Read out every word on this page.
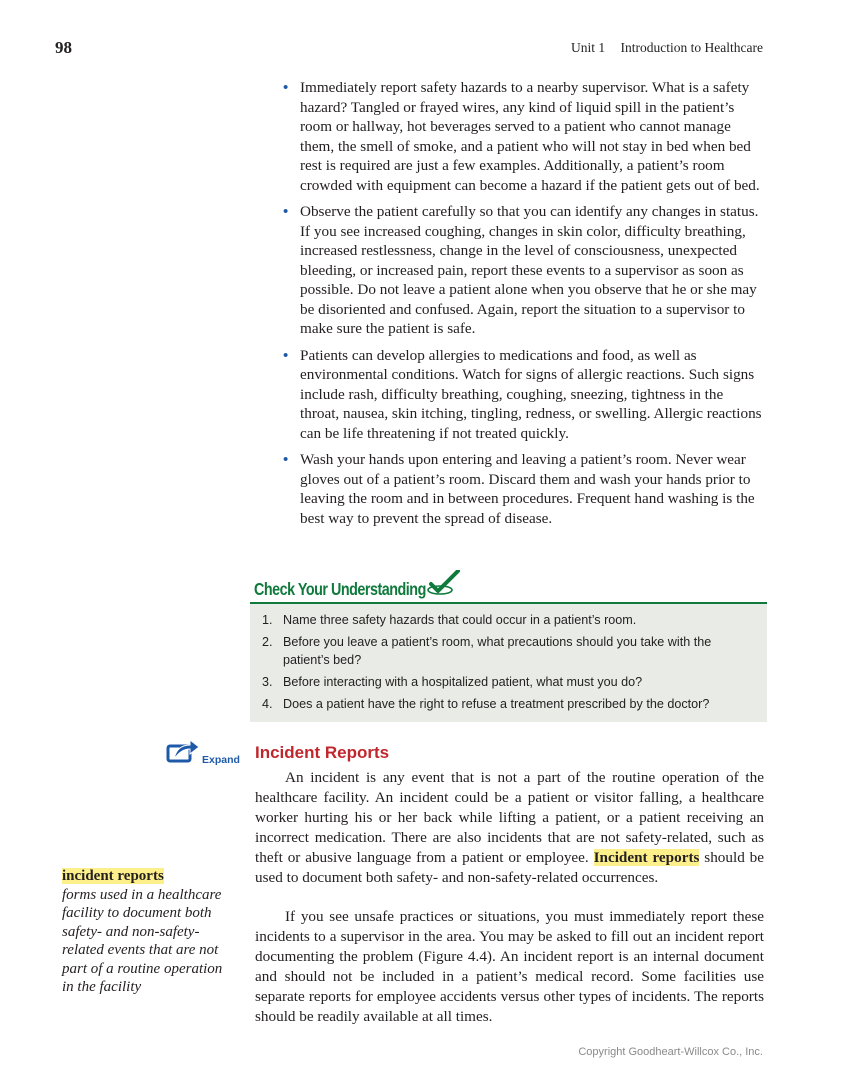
98	Unit 1 Introduction to Healthcare
• Immediately report safety hazards to a nearby supervisor. What is a safety hazard? Tangled or frayed wires, any kind of liquid spill in the patient’s room or hallway, hot beverages served to a patient who cannot manage them, the smell of smoke, and a patient who will not stay in bed when bed rest is required are just a few examples. Additionally, a patient’s room crowded with equipment can become a hazard if the patient gets out of bed.
• Observe the patient carefully so that you can identify any changes in status. If you see increased coughing, changes in skin color, difficulty breathing, increased restlessness, change in the level of consciousness, unexpected bleeding, or increased pain, report these events to a supervisor as soon as possible. Do not leave a patient alone when you observe that he or she may be disoriented and confused. Again, report the situation to a supervisor to make sure the patient is safe.
• Patients can develop allergies to medications and food, as well as environmental conditions. Watch for signs of allergic reactions. Such signs include rash, difficulty breathing, coughing, sneezing, tightness in the throat, nausea, skin itching, tingling, redness, or swelling. Allergic reactions can be life threatening if not treated quickly.
• Wash your hands upon entering and leaving a patient’s room. Never wear gloves out of a patient’s room. Discard them and wash your hands prior to leaving the room and in between procedures. Frequent hand washing is the best way to prevent the spread of disease.
Check Your Understanding
1. Name three safety hazards that could occur in a patient’s room.
2. Before you leave a patient’s room, what precautions should you take with the patient’s bed?
3. Before interacting with a hospitalized patient, what must you do?
4. Does a patient have the right to refuse a treatment prescribed by the doctor?
Expand Incident Reports

An incident is any event that is not a part of the routine operation of the healthcare facility. An incident could be a patient or visitor falling, a healthcare worker hurting his or her back while lifting a patient, or a patient receiving an incorrect medication. There are also incidents that are not safety-related, such as theft or abusive language from a patient or employee. Incident reports should be used to document both safety- and non-safety-related occurrences.

If you see unsafe practices or situations, you must immediately report these incidents to a supervisor in the area. You may be asked to fill out an incident report documenting the problem (Figure 4.4). An incident report is an internal document and should not be included in a patient’s medical record. Some facilities use separate reports for employee accidents versus other types of incidents. The reports should be readily available at all times.

incident reports
forms used in a healthcare facility to document both safety- and non-safety-related events that are not part of a routine operation in the facility
Copyright Goodheart-Willcox Co., Inc.
